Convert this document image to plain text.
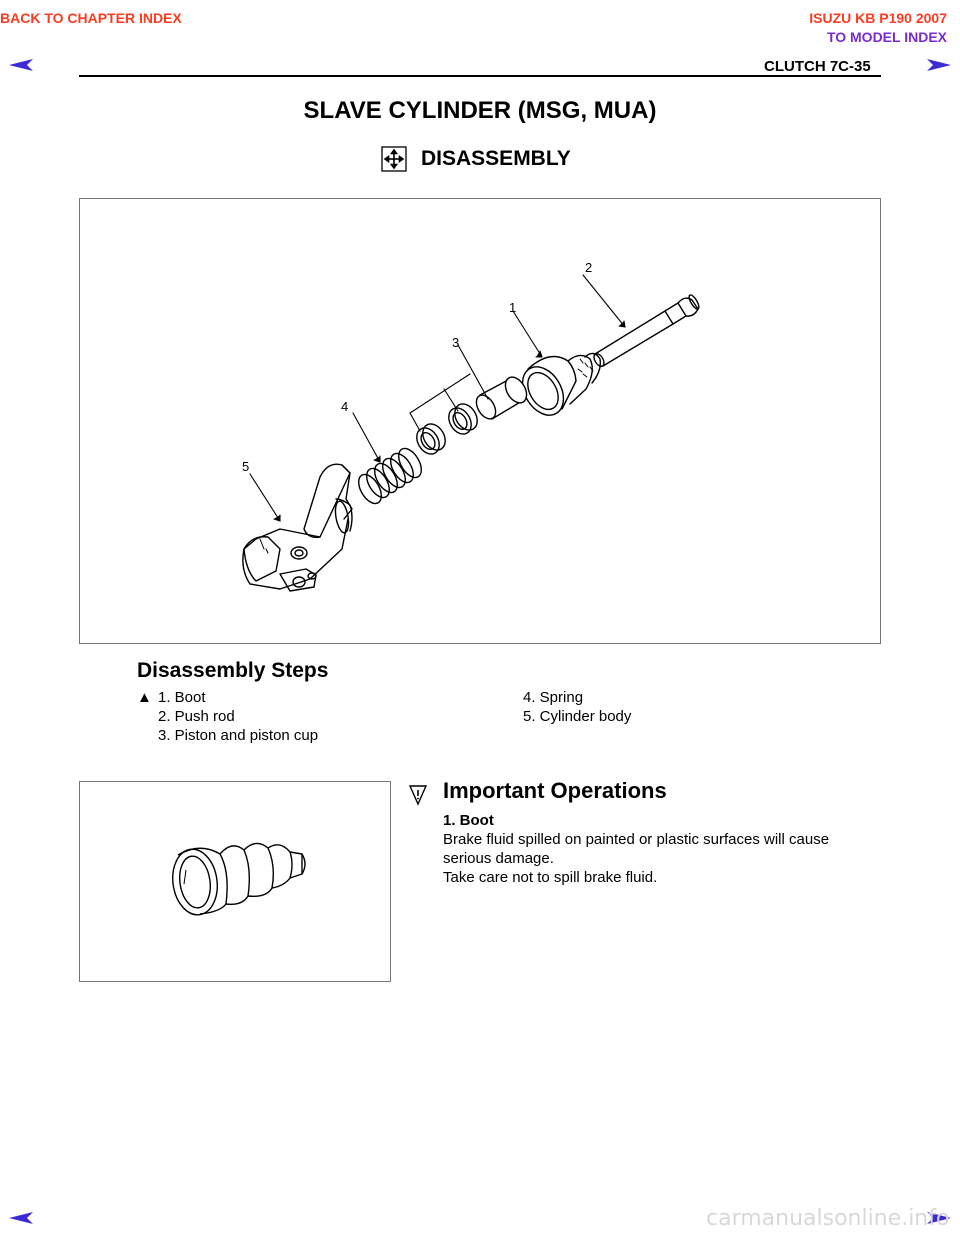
BACK TO CHAPTER INDEX	ISUZU KB P190 2007
TO MODEL INDEX
CLUTCH 7C-35
SLAVE CYLINDER (MSG, MUA)
DISASSEMBLY
1
2
3
4
5
Disassembly Steps
▲ 1. Boot
2. Push rod
3. Piston and piston cup
4. Spring
5. Cylinder body
Important Operations
1. Boot
Brake fluid spilled on painted or plastic surfaces will cause
serious damage.
Take care not to spill brake fluid.
carmanualsonline.info
